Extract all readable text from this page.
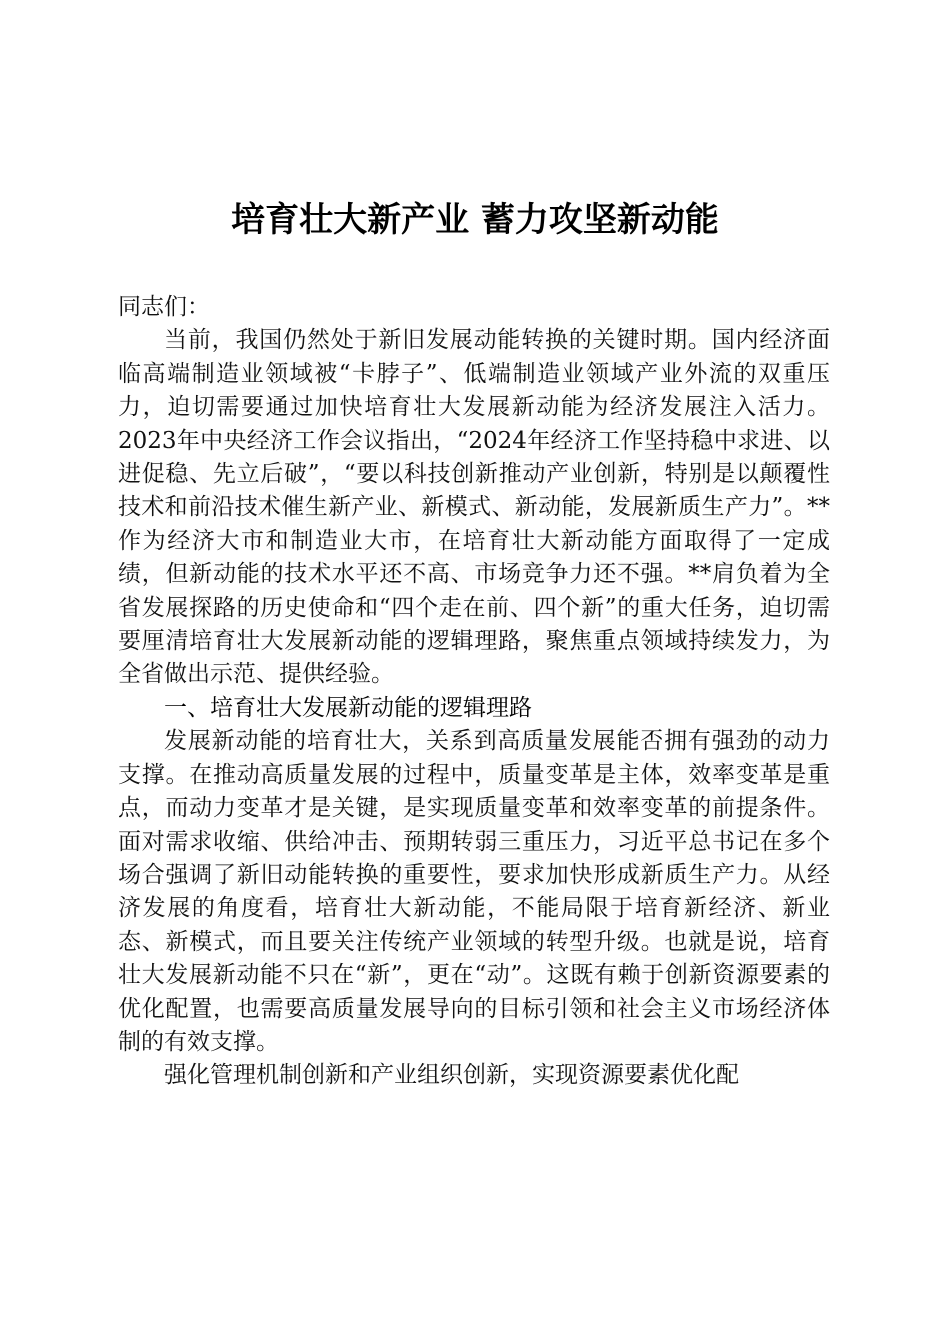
培育壮大新产业 蓄力攻坚新动能

同志们：

当前，我国仍然处于新旧发展动能转换的关键时期。国内经济面临高端制造业领域被“卡脖子”、低端制造业领域产业外流的双重压力，迫切需要通过加快培育壮大发展新动能为经济发展注入活力。2023年中央经济工作会议指出，“2024年经济工作坚持稳中求进、以进促稳、先立后破”，“要以科技创新推动产业创新，特别是以颠覆性技术和前沿技术催生新产业、新模式、新动能，发展新质生产力”。**作为经济大市和制造业大市，在培育壮大新动能方面取得了一定成绩，但新动能的技术水平还不高、市场竞争力还不强。**肩负着为全省发展探路的历史使命和“四个走在前、四个新”的重大任务，迫切需要厘清培育壮大发展新动能的逻辑理路，聚焦重点领域持续发力，为全省做出示范、提供经验。

一、培育壮大发展新动能的逻辑理路

发展新动能的培育壮大，关系到高质量发展能否拥有强劲的动力支撑。在推动高质量发展的过程中，质量变革是主体，效率变革是重点，而动力变革才是关键，是实现质量变革和效率变革的前提条件。面对需求收缩、供给冲击、预期转弱三重压力，习近平总书记在多个场合强调了新旧动能转换的重要性，要求加快形成新质生产力。从经济发展的角度看，培育壮大新动能，不能局限于培育新经济、新业态、新模式，而且要关注传统产业领域的转型升级。也就是说，培育壮大发展新动能不只在“新”，更在“动”。这既有赖于创新资源要素的优化配置，也需要高质量发展导向的目标引领和社会主义市场经济体制的有效支撑。

强化管理机制创新和产业组织创新，实现资源要素优化配
